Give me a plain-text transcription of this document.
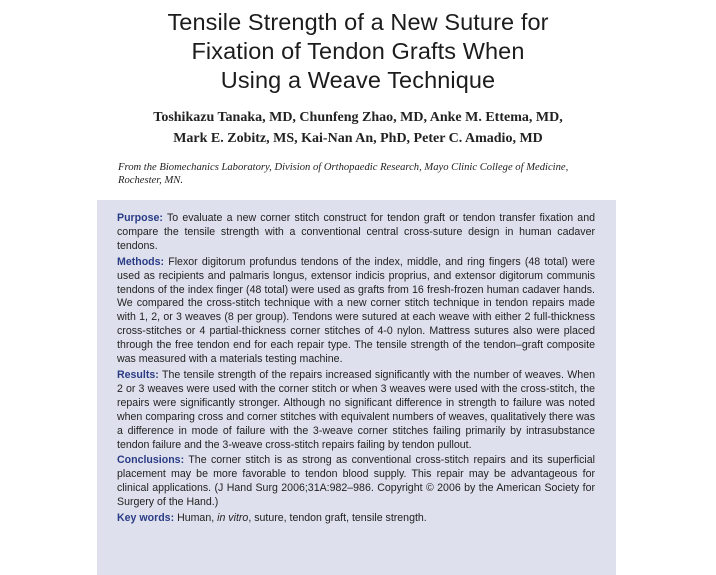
Tensile Strength of a New Suture for
Fixation of Tendon Grafts When
Using a Weave Technique
Toshikazu Tanaka, MD, Chunfeng Zhao, MD, Anke M. Ettema, MD,
Mark E. Zobitz, MS, Kai-Nan An, PhD, Peter C. Amadio, MD
From the Biomechanics Laboratory, Division of Orthopaedic Research, Mayo Clinic College of Medicine, Rochester, MN.

Purpose: To evaluate a new corner stitch construct for tendon graft or tendon transfer fixation and compare the tensile strength with a conventional central cross-suture design in human cadaver tendons.

Methods: Flexor digitorum profundus tendons of the index, middle, and ring fingers (48 total) were used as recipients and palmaris longus, extensor indicis proprius, and extensor digitorum communis tendons of the index finger (48 total) were used as grafts from 16 fresh-frozen human cadaver hands. We compared the cross-stitch technique with a new corner stitch technique in tendon repairs made with 1, 2, or 3 weaves (8 per group). Tendons were sutured at each weave with either 2 full-thickness cross-stitches or 4 partial-thickness corner stitches of 4-0 nylon. Mattress sutures also were placed through the free tendon end for each repair type. The tensile strength of the tendon–graft composite was measured with a materials testing machine.

Results: The tensile strength of the repairs increased significantly with the number of weaves. When 2 or 3 weaves were used with the corner stitch or when 3 weaves were used with the cross-stitch, the repairs were significantly stronger. Although no significant difference in strength to failure was noted when comparing cross and corner stitches with equivalent numbers of weaves, qualitatively there was a difference in mode of failure with the 3-weave corner stitches failing primarily by intrasubstance tendon failure and the 3-weave cross-stitch repairs failing by tendon pullout.

Conclusions: The corner stitch is as strong as conventional cross-stitch repairs and its superficial placement may be more favorable to tendon blood supply. This repair may be advantageous for clinical applications. (J Hand Surg 2006;31A:982–986. Copyright © 2006 by the American Society for Surgery of the Hand.)

Key words: Human, in vitro, suture, tendon graft, tensile strength.
